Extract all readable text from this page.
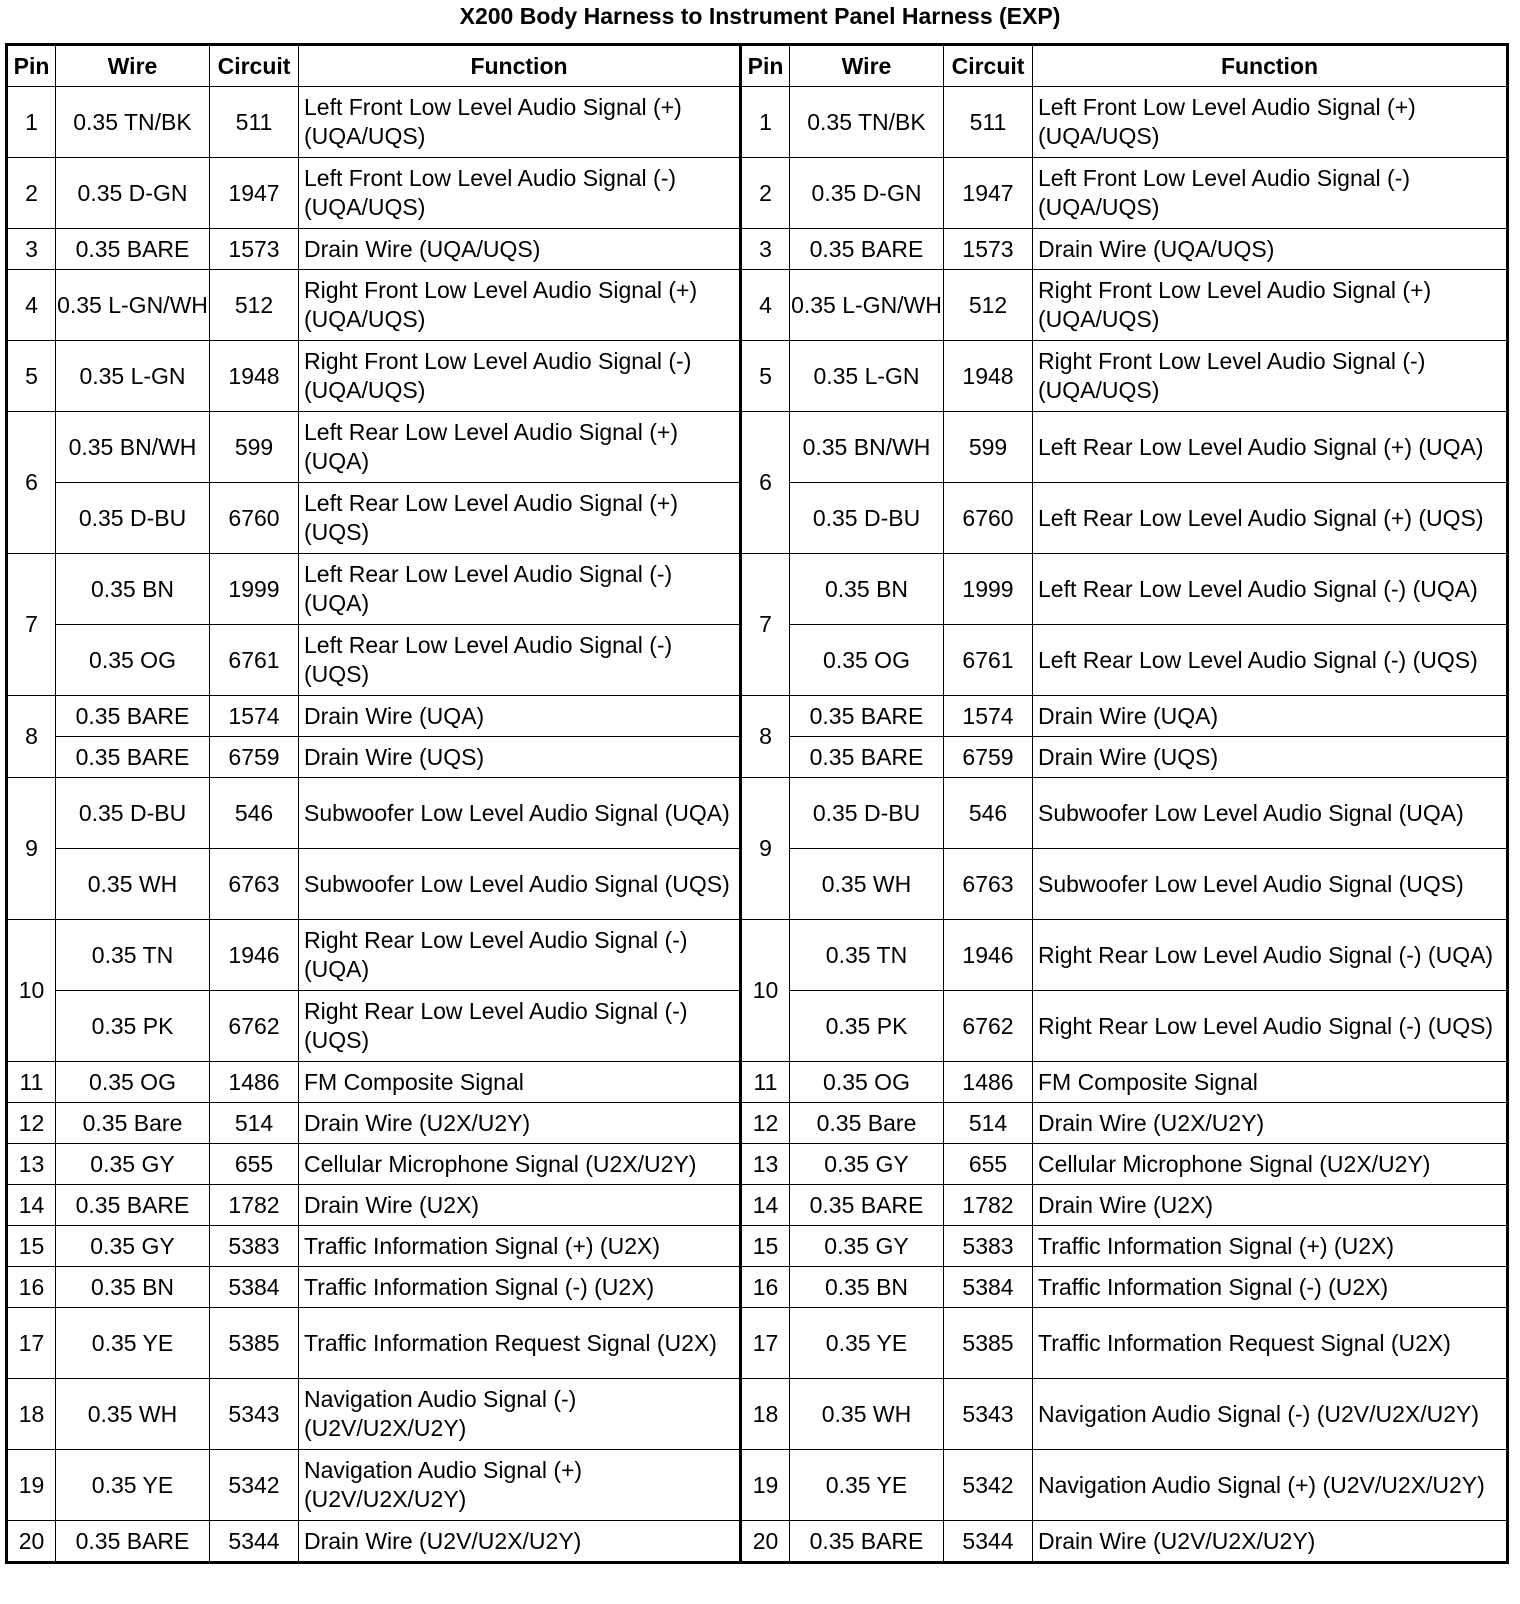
X200 Body Harness to Instrument Panel Harness (EXP)
Pin	Wire	Circuit	Function	Pin	Wire	Circuit	Function
1	0.35 TN/BK	511	Left Front Low Level Audio Signal (+) (UQA/UQS)	1	0.35 TN/BK	511	Left Front Low Level Audio Signal (+) (UQA/UQS)
2	0.35 D-GN	1947	Left Front Low Level Audio Signal (-) (UQA/UQS)	2	0.35 D-GN	1947	Left Front Low Level Audio Signal (-) (UQA/UQS)
3	0.35 BARE	1573	Drain Wire (UQA/UQS)	3	0.35 BARE	1573	Drain Wire (UQA/UQS)
4	0.35 L-GN/WH	512	Right Front Low Level Audio Signal (+) (UQA/UQS)	4	0.35 L-GN/WH	512	Right Front Low Level Audio Signal (+) (UQA/UQS)
5	0.35 L-GN	1948	Right Front Low Level Audio Signal (-) (UQA/UQS)	5	0.35 L-GN	1948	Right Front Low Level Audio Signal (-) (UQA/UQS)
6	0.35 BN/WH	599	Left Rear Low Level Audio Signal (+) (UQA)	6	0.35 BN/WH	599	Left Rear Low Level Audio Signal (+) (UQA)
	0.35 D-BU	6760	Left Rear Low Level Audio Signal (+) (UQS)		0.35 D-BU	6760	Left Rear Low Level Audio Signal (+) (UQS)
7	0.35 BN	1999	Left Rear Low Level Audio Signal (-) (UQA)	7	0.35 BN	1999	Left Rear Low Level Audio Signal (-) (UQA)
	0.35 OG	6761	Left Rear Low Level Audio Signal (-) (UQS)		0.35 OG	6761	Left Rear Low Level Audio Signal (-) (UQS)
8	0.35 BARE	1574	Drain Wire (UQA)	8	0.35 BARE	1574	Drain Wire (UQA)
	0.35 BARE	6759	Drain Wire (UQS)		0.35 BARE	6759	Drain Wire (UQS)
9	0.35 D-BU	546	Subwoofer Low Level Audio Signal (UQA)	9	0.35 D-BU	546	Subwoofer Low Level Audio Signal (UQA)
	0.35 WH	6763	Subwoofer Low Level Audio Signal (UQS)		0.35 WH	6763	Subwoofer Low Level Audio Signal (UQS)
10	0.35 TN	1946	Right Rear Low Level Audio Signal (-) (UQA)	10	0.35 TN	1946	Right Rear Low Level Audio Signal (-) (UQA)
	0.35 PK	6762	Right Rear Low Level Audio Signal (-) (UQS)		0.35 PK	6762	Right Rear Low Level Audio Signal (-) (UQS)
11	0.35 OG	1486	FM Composite Signal	11	0.35 OG	1486	FM Composite Signal
12	0.35 Bare	514	Drain Wire (U2X/U2Y)	12	0.35 Bare	514	Drain Wire (U2X/U2Y)
13	0.35 GY	655	Cellular Microphone Signal (U2X/U2Y)	13	0.35 GY	655	Cellular Microphone Signal (U2X/U2Y)
14	0.35 BARE	1782	Drain Wire (U2X)	14	0.35 BARE	1782	Drain Wire (U2X)
15	0.35 GY	5383	Traffic Information Signal (+) (U2X)	15	0.35 GY	5383	Traffic Information Signal (+) (U2X)
16	0.35 BN	5384	Traffic Information Signal (-) (U2X)	16	0.35 BN	5384	Traffic Information Signal (-) (U2X)
17	0.35 YE	5385	Traffic Information Request Signal (U2X)	17	0.35 YE	5385	Traffic Information Request Signal (U2X)
18	0.35 WH	5343	Navigation Audio Signal (-) (U2V/U2X/U2Y)	18	0.35 WH	5343	Navigation Audio Signal (-) (U2V/U2X/U2Y)
19	0.35 YE	5342	Navigation Audio Signal (+) (U2V/U2X/U2Y)	19	0.35 YE	5342	Navigation Audio Signal (+) (U2V/U2X/U2Y)
20	0.35 BARE	5344	Drain Wire (U2V/U2X/U2Y)	20	0.35 BARE	5344	Drain Wire (U2V/U2X/U2Y)
